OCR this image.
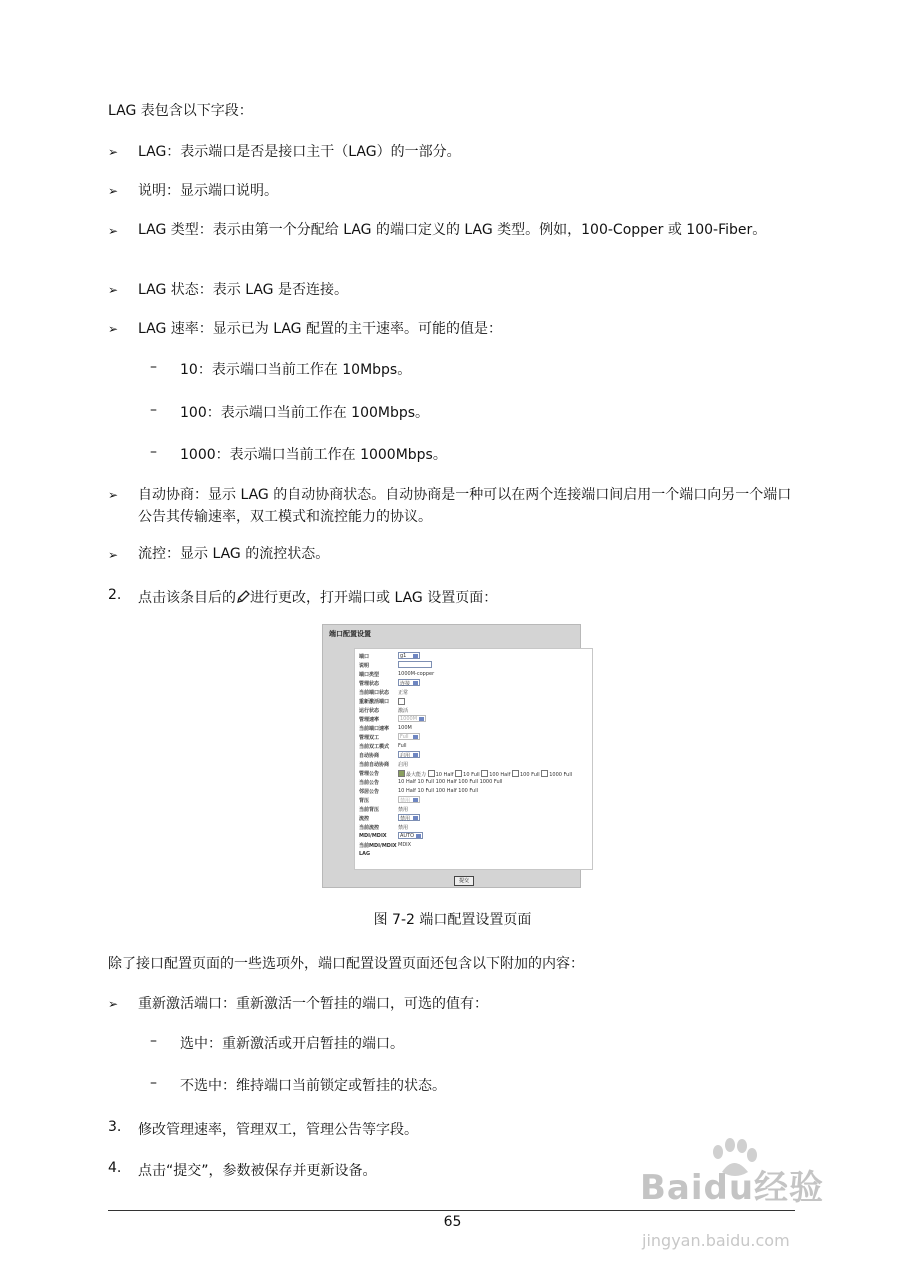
LAG 表包含以下字段：
➢ LAG：表示端口是否是接口主干（LAG）的一部分。
➢ 说明：显示端口说明。
➢ LAG 类型：表示由第一个分配给 LAG 的端口定义的 LAG 类型。例如，100-Copper 或 100-Fiber。
➢ LAG 状态：表示 LAG 是否连接。
➢ LAG 速率：显示已为 LAG 配置的主干速率。可能的值是：
– 10：表示端口当前工作在 10Mbps。
– 100：表示端口当前工作在 100Mbps。
– 1000：表示端口当前工作在 1000Mbps。
➢ 自动协商：显示 LAG 的自动协商状态。自动协商是一种可以在两个连接端口间启用一个端口向另一个端口公告其传输速率，双工模式和流控能力的协议。
➢ 流控：显示 LAG 的流控状态。
2. 点击该条目后的 进行更改，打开端口或 LAG 设置页面：
端口配置设置
端口	g1
说明
端口类型	1000M-copper
管理状态	连接
当前端口状态 正常
重新激活端口
运行状态	激活
管理速率	1000M
当前端口速率 100M
管理双工	Full
当前双工模式 Full
自动协商	启用
当前自动协商 启用
管理公告	最大能力 10 Half 10 Full 100 Half 100 Full 1000 Full
当前公告	10 Half 10 Full 100 Half 100 Full 1000 Full
邻居公告	10 Half 10 Full 100 Half 100 Full
背压	禁用
当前背压	禁用
流控	禁用
当前流控	禁用
MDI/MDIX	AUTO
当前MDI/MDIX MDIX
LAG
提交
图 7-2 端口配置设置页面
除了接口配置页面的一些选项外，端口配置设置页面还包含以下附加的内容：
➢ 重新激活端口：重新激活一个暂挂的端口，可选的值有：
– 选中：重新激活或开启暂挂的端口。
– 不选中：维持端口当前锁定或暂挂的状态。
3. 修改管理速率，管理双工，管理公告等字段。
4. 点击“提交”，参数被保存并更新设备。
65
Baidu经验
jingyan.baidu.com
